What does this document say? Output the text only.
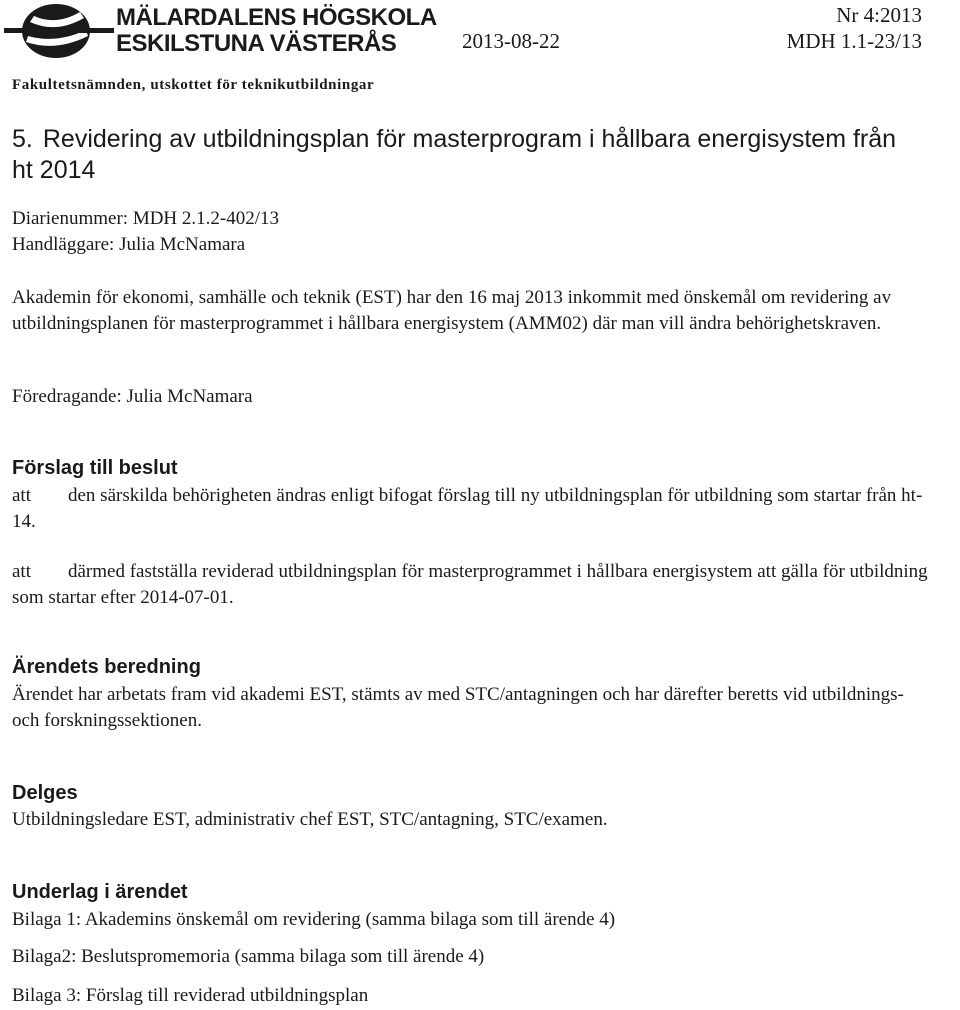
MÄLARDALENS HÖGSKOLA
ESKILSTUNA VÄSTERÅS	2013-08-22
Nr 4:2013
MDH 1.1-23/13
Fakultetsnämnden, utskottet för teknikutbildningar
5. Revidering av utbildningsplan för masterprogram i hållbara energisystem från ht 2014

Diarienummer: MDH 2.1.2-402/13

Handläggare: Julia McNamara

Akademin för ekonomi, samhälle och teknik (EST) har den 16 maj 2013 inkommit med önskemål om revidering av utbildningsplanen för masterprogrammet i hållbara energisystem (AMM02) där man vill ändra behörighetskraven.

Föredragande: Julia McNamara

Förslag till beslut

att den särskilda behörigheten ändras enligt bifogat förslag till ny utbildningsplan för utbildning som startar från ht-14.

att därmed fastställa reviderad utbildningsplan för masterprogrammet i hållbara energisystem att gälla för utbildning som startar efter 2014-07-01.

Ärendets beredning

Ärendet har arbetats fram vid akademi EST, stämts av med STC/antagningen och har därefter beretts vid utbildnings- och forskningssektionen.

Delges

Utbildningsledare EST, administrativ chef EST, STC/antagning, STC/examen.

Underlag i ärendet

Bilaga 1: Akademins önskemål om revidering (samma bilaga som till ärende 4)

Bilaga2: Beslutspromemoria (samma bilaga som till ärende 4)

Bilaga 3: Förslag till reviderad utbildningsplan
